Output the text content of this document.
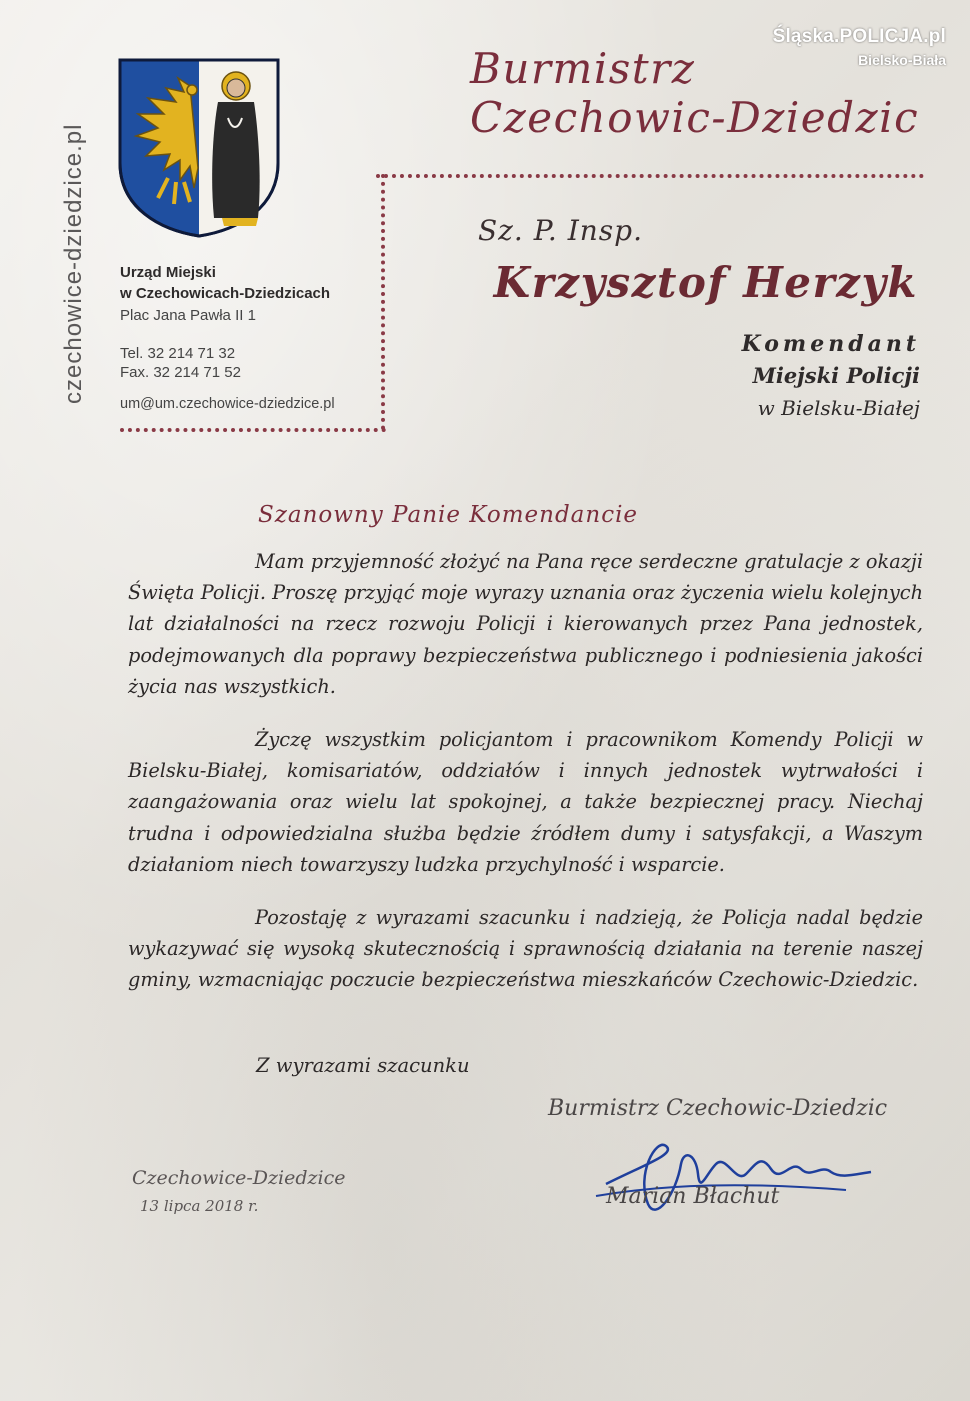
Śląska.POLICJA.pl
Bielsko-Biała
czechowice-dziedzice.pl Urząd Miejski
w Czechowicach-Dziedzicach
Plac Jana Pawła II 1
Tel. 32 214 71 32
Fax. 32 214 71 52
um@um.czechowice-dziedzice.pl
Burmistrz
Czechowic-Dziedzic
Sz. P. Insp.
Krzysztof Herzyk
Komendant
Miejski Policji
w Bielsku-Białej
Szanowny Panie Komendancie

Mam przyjemność złożyć na Pana ręce serdeczne gratulacje z okazji Święta Policji. Proszę przyjąć moje wyrazy uznania oraz życzenia wielu kolejnych lat działalności na rzecz rozwoju Policji i kierowanych przez Pana jednostek, podejmowanych dla poprawy bezpieczeństwa publicznego i podniesienia jakości życia nas wszystkich.

Życzę wszystkim policjantom i pracownikom Komendy Policji w Bielsku-Białej, komisariatów, oddziałów i innych jednostek wytrwałości i zaangażowania oraz wielu lat spokojnej, a także bezpiecznej pracy. Niechaj trudna i odpowiedzialna służba będzie źródłem dumy i satysfakcji, a Waszym działaniom niech towarzyszy ludzka przychylność i wsparcie.

Pozostaję z wyrazami szacunku i nadzieją, że Policja nadal będzie wykazywać się wysoką skutecznością i sprawnością działania na terenie naszej gminy, wzmacniając poczucie bezpieczeństwa mieszkańców Czechowic-Dziedzic.

Z wyrazami szacunku
Czechowice-Dziedzice
13 lipca 2018 r.
Burmistrz Czechowic-Dziedzic
Marian Błachut
